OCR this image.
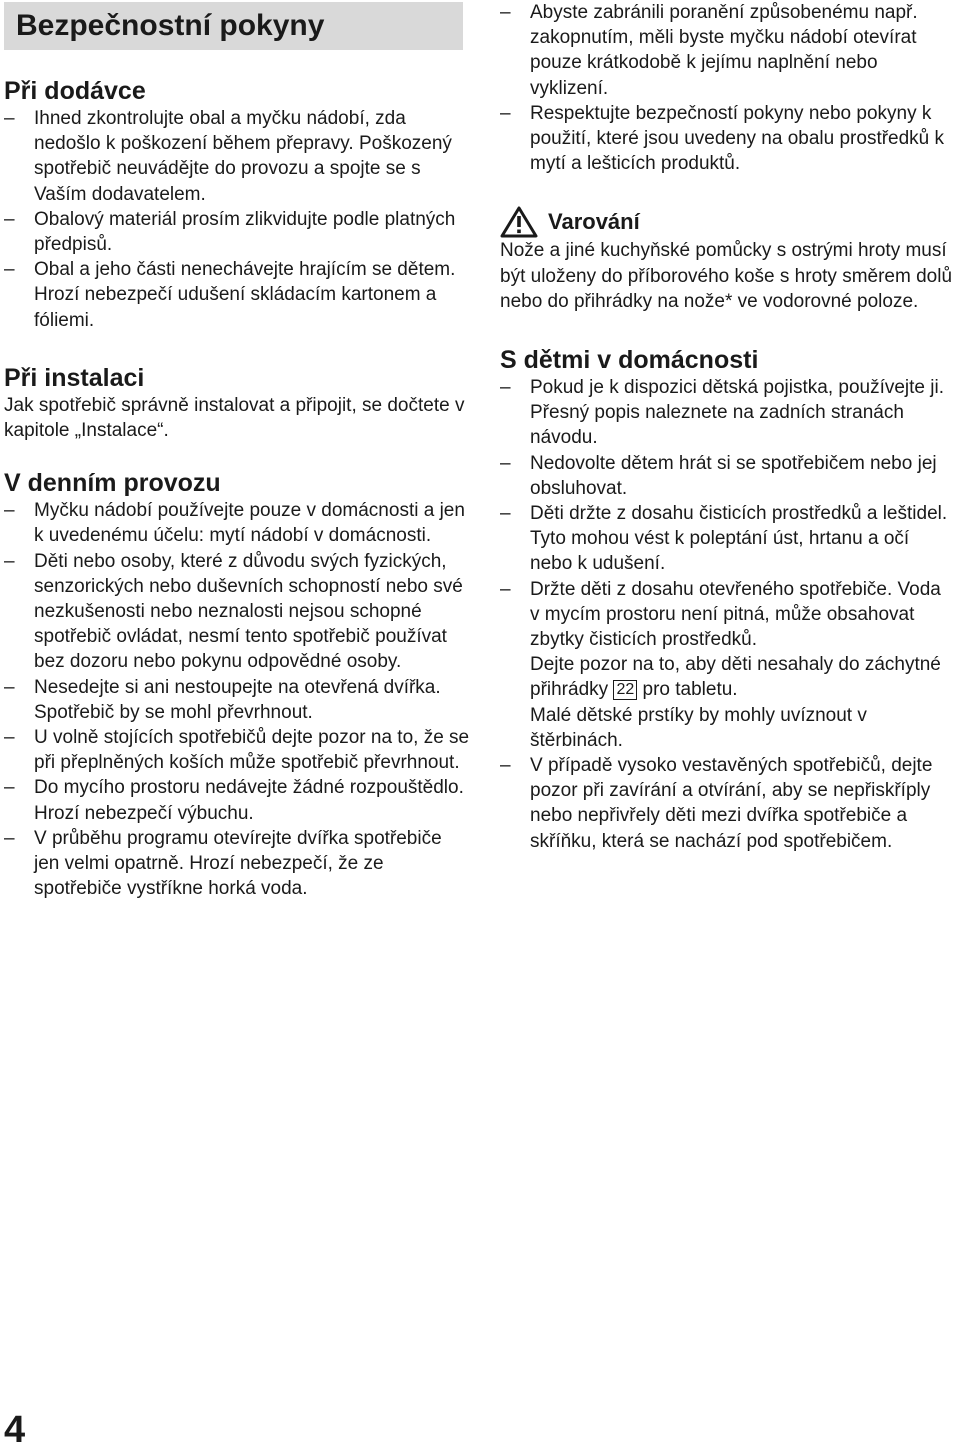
Bezpečnostní pokyny
Při dodávce
– Ihned zkontrolujte obal a myčku nádobí, zda nedošlo k poškození během přepravy. Poškozený spotřebič neuvádějte do provozu a spojte se s Vaším dodavatelem.
– Obalový materiál prosím zlikvidujte podle platných předpisů.
– Obal a jeho části nenechávejte hrajícím se dětem. Hrozí nebezpečí udušení skládacím kartonem a fóliemi.
Při instalaci

Jak spotřebič správně instalovat a připojit, se dočtete v kapitole „Instalace“.

V denním provozu
– Myčku nádobí používejte pouze v domácnosti a jen k uvedenému účelu: mytí nádobí v domácnosti.
– Děti nebo osoby, které z důvodu svých fyzických, senzorických nebo duševních schopností nebo své nezkušenosti nebo neznalosti nejsou schopné spotřebič ovládat, nesmí tento spotřebič používat bez dozoru nebo pokynu odpovědné osoby.
– Nesedejte si ani nestoupejte na otevřená dvířka. Spotřebič by se mohl převrhnout.
– U volně stojících spotřebičů dejte pozor na to, že se při přeplněných koších může spotřebič převrhnout.
– Do mycího prostoru nedávejte žádné rozpouštědlo. Hrozí nebezpečí výbuchu.
– V průběhu programu otevírejte dvířka spotřebiče jen velmi opatrně. Hrozí nebezpečí, že ze spotřebiče vystříkne horká voda.
– Abyste zabránili poranění způsobenému např. zakopnutím, měli byste myčku nádobí otevírat pouze krátkodobě k jejímu naplnění nebo vyklizení.
– Respektujte bezpečností pokyny nebo pokyny k použití, které jsou uvedeny na obalu prostředků k mytí a lešticích produktů.
Varování

Nože a jiné kuchyňské pomůcky s ostrými hroty musí být uloženy do příborového koše s hroty směrem dolů nebo do přihrádky na nože* ve vodorovné poloze.

S dětmi v domácnosti
– Pokud je k dispozici dětská pojistka, používejte ji. Přesný popis naleznete na zadních stranách návodu.
– Nedovolte dětem hrát si se spotřebičem nebo jej obsluhovat.
– Děti držte z dosahu čisticích prostředků a leštidel. Tyto mohou vést k poleptání úst, hrtanu a očí nebo k udušení.
– Držte děti z dosahu otevřeného spotřebiče. Voda v mycím prostoru není pitná, může obsahovat zbytky čisticích prostředků.
Dejte pozor na to, aby děti nesahaly do záchytné přihrádky 22 pro tabletu.
Malé dětské prstíky by mohly uvíznout v štěrbinách.
– V případě vysoko vestavěných spotřebičů, dejte pozor při zavírání a otvírání, aby se nepřiskříply nebo nepřivřely děti mezi dvířka spotřebiče a skříňku, která se nachází pod spotřebičem.
4
